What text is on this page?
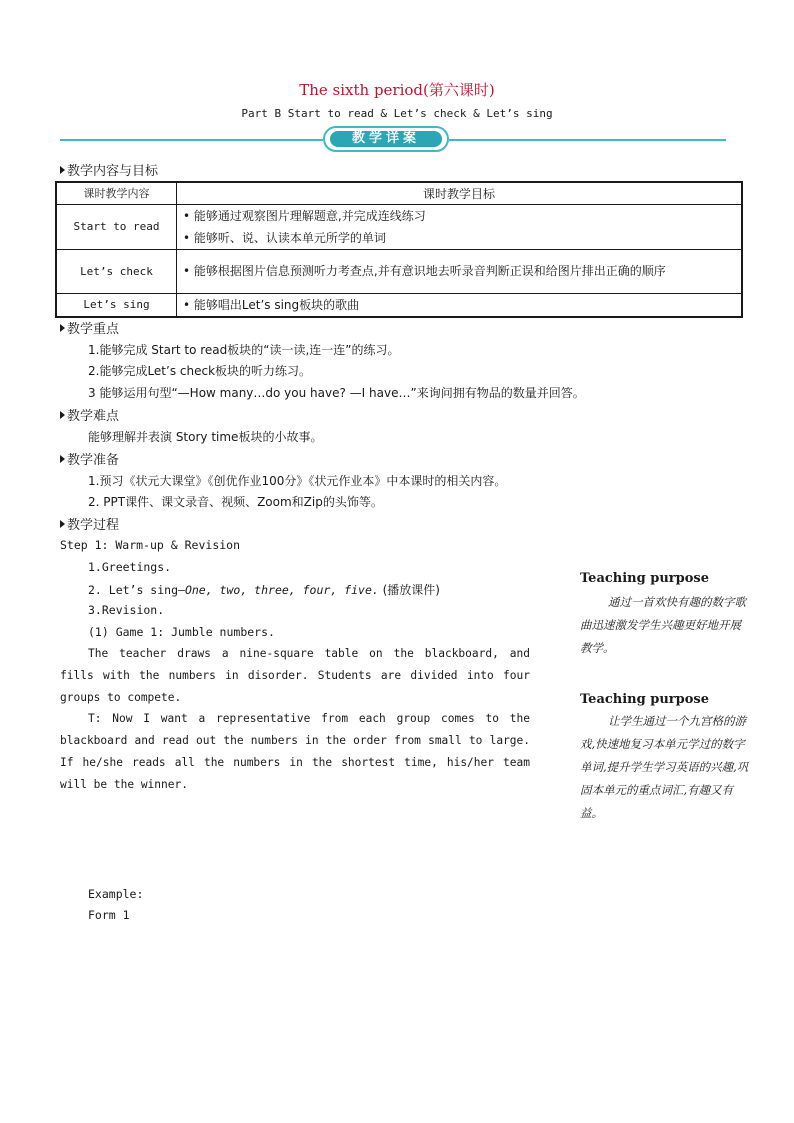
The sixth period(第六课时)
Part B Start to read & Let’s check & Let’s sing
教学详案
教学内容与目标
课时教学内容	课时教学目标
Start to read	• 能够通过观察图片理解题意,并完成连线练习
• 能够听、说、认读本单元所学的单词

Let’s check	• 能够根据图片信息预测听力考查点,并有意识地去听录音判断正误和给图片排出正确的顺序

Let’s sing	• 能够唱出Let’s sing板块的歌曲
教学重点
1.能够完成 Start to read板块的“读一读,连一连”的练习。
2.能够完成Let’s check板块的听力练习。
3 能够运用句型“—How many…do you have? —I have…”来询问拥有物品的数量并回答。
教学难点
能够理解并表演 Story time板块的小故事。
教学准备
1.预习《状元大课堂》《创优作业100分》《状元作业本》中本课时的相关内容。
2. PPT课件、课文录音、视频、Zoom和Zip的头饰等。
教学过程
Step 1: Warm-up & Revision
1.Greetings.
2. Let’s sing—One, two, three, four, five. (播放课件)
3.Revision.
(1) Game 1: Jumble numbers.
The teacher draws a nine-square table on the blackboard, and fills with the numbers in disorder. Students are divided into four groups to compete.
T: Now I want a representative from each group comes to the blackboard and read out the numbers in the order from small to large. If he/she reads all the numbers in the shortest time, his/her team will be the winner.
Example:
Form 1
Teaching purpose
通过一首欢快有趣的数字歌曲迅速激发学生兴趣更好地开展教学。
Teaching purpose
让学生通过一个九宫格的游戏,快速地复习本单元学过的数字单词,提升学生学习英语的兴趣,巩固本单元的重点词汇,有趣又有益。
